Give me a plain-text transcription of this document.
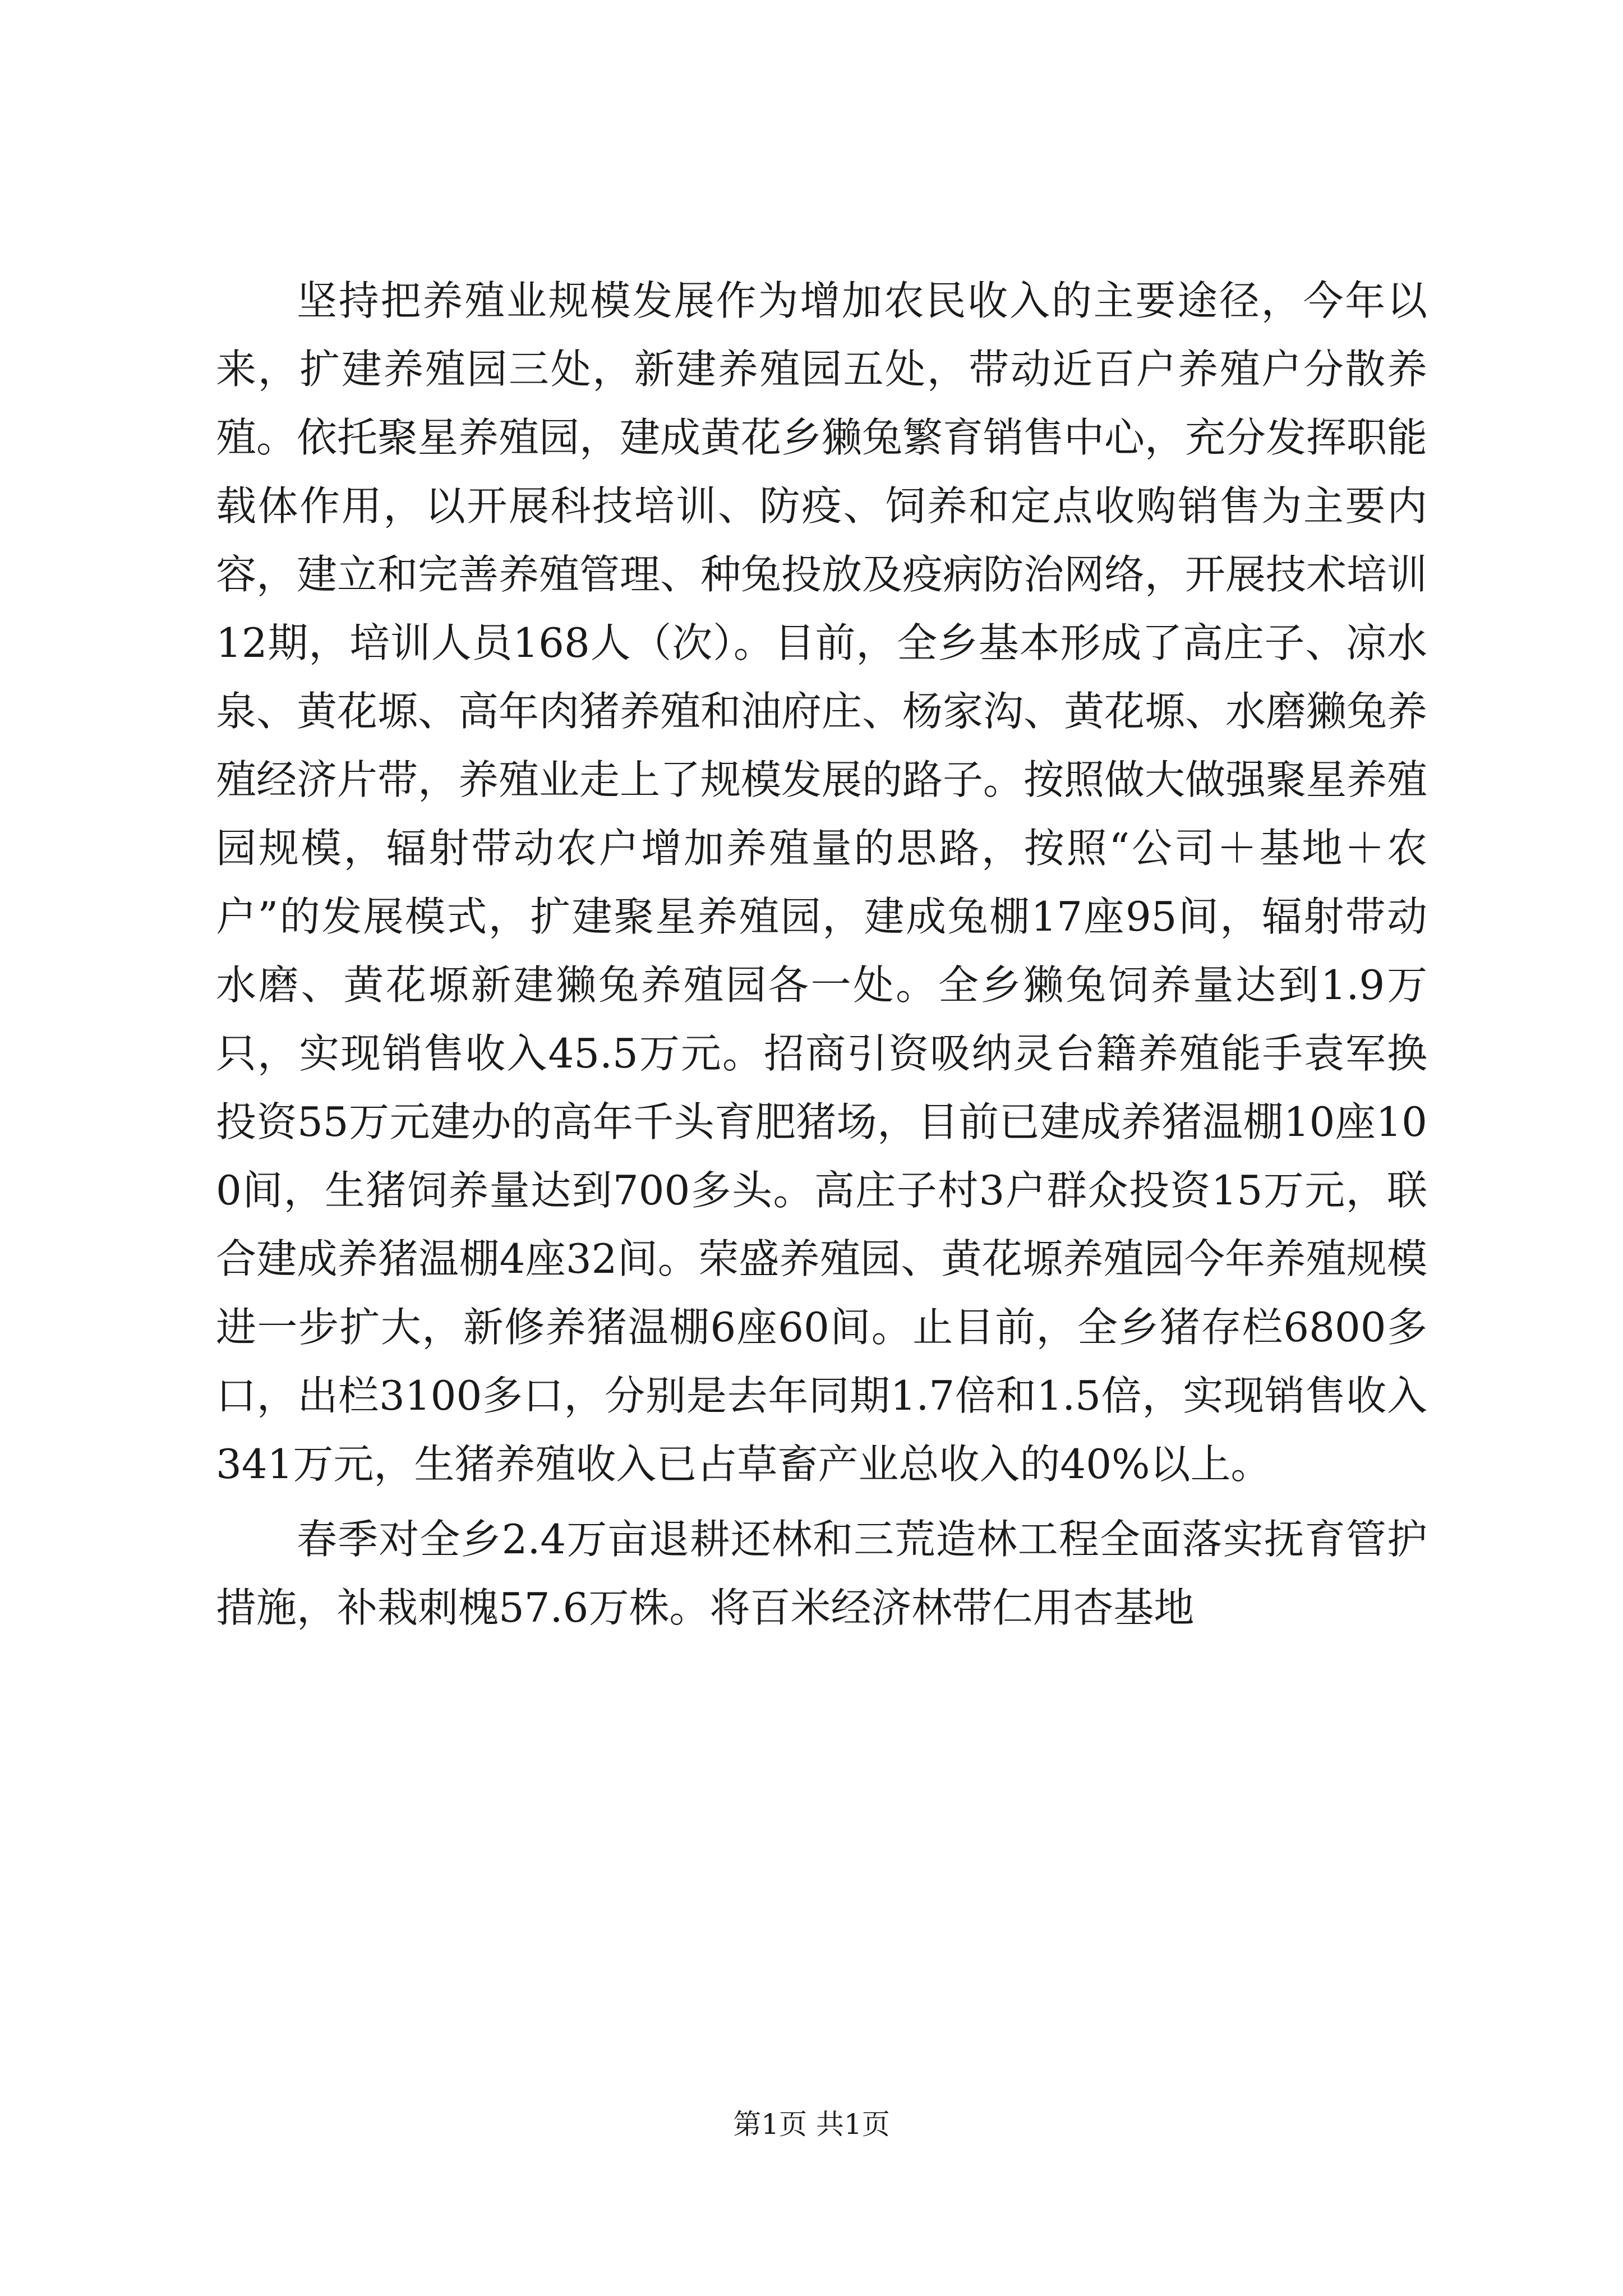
坚持把养殖业规模发展作为增加农民收入的主要途径，今年以来，扩建养殖园三处，新建养殖园五处，带动近百户养殖户分散养殖。依托聚星养殖园，建成黄花乡獭兔繁育销售中心，充分发挥职能载体作用，以开展科技培训、防疫、饲养和定点收购销售为主要内容，建立和完善养殖管理、种兔投放及疫病防治网络，开展技术培训12期，培训人员168人（次）。目前，全乡基本形成了高庄子、凉水泉、黄花塬、高年肉猪养殖和油府庄、杨家沟、黄花塬、水磨獭兔养殖经济片带，养殖业走上了规模发展的路子。按照做大做强聚星养殖园规模，辐射带动农户增加养殖量的思路，按照“公司＋基地＋农户”的发展模式，扩建聚星养殖园，建成兔棚17座95间，辐射带动水磨、黄花塬新建獭兔养殖园各一处。全乡獭兔饲养量达到1.9万只，实现销售收入45.5万元。招商引资吸纳灵台籍养殖能手袁军换投资55万元建办的高年千头育肥猪场，目前已建成养猪温棚10座100间，生猪饲养量达到700多头。高庄子村3户群众投资15万元，联合建成养猪温棚4座32间。荣盛养殖园、黄花塬养殖园今年养殖规模进一步扩大，新修养猪温棚6座60间。止目前，全乡猪存栏6800多口，出栏3100多口，分别是去年同期1.7倍和1.5倍，实现销售收入341万元，生猪养殖收入已占草畜产业总收入的40%以上。

春季对全乡2.4万亩退耕还林和三荒造林工程全面落实抚育管护措施，补栽刺槐57.6万株。将百米经济林带仁用杏基地

第1页 共1页
